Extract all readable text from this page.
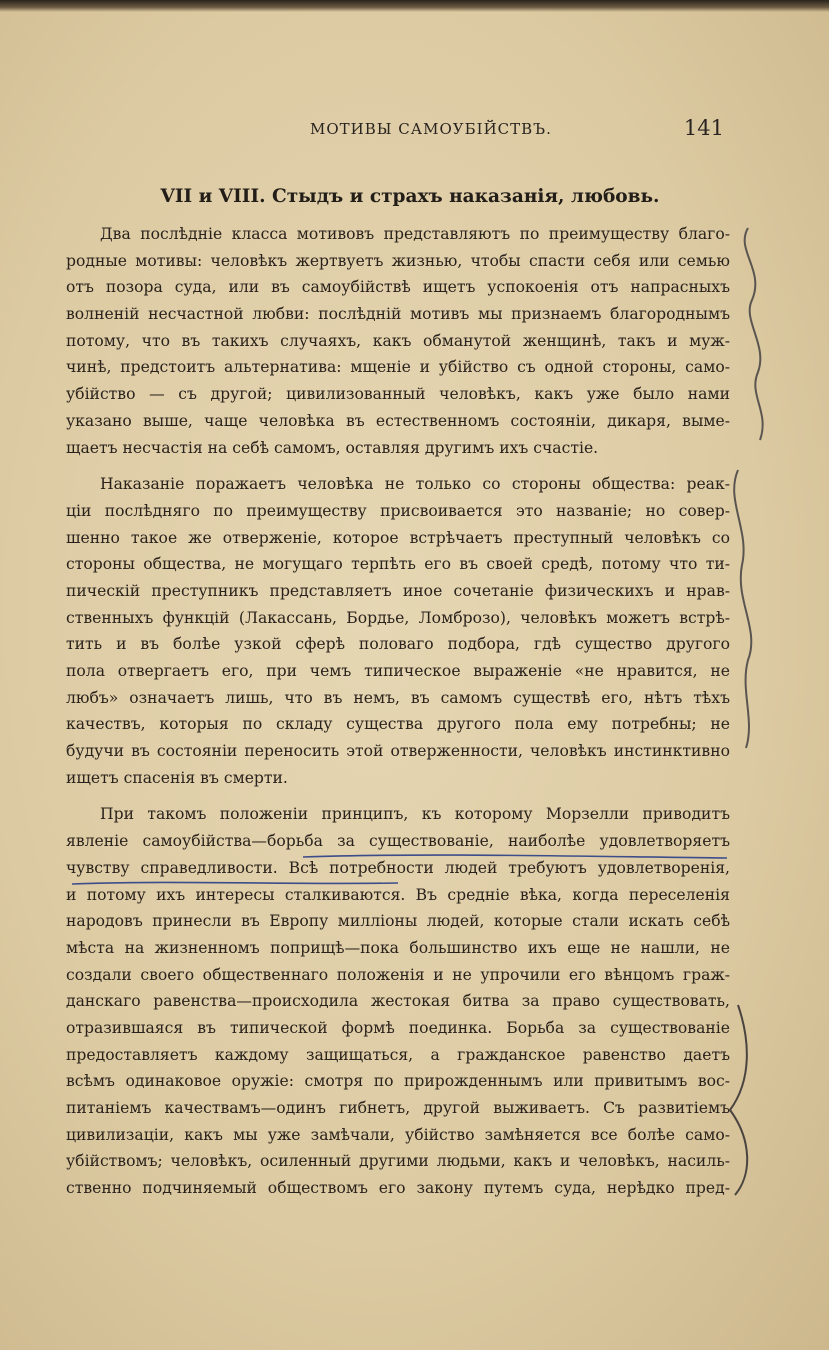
МОТИВЫ САМОУБІЙСТВЪ.	141
VII и VIII. Стыдъ и страхъ наказанія, любовь.
Два послѣдніе класса мотивовъ представляютъ по преимуществу благо-
родные мотивы: человѣкъ жертвуетъ жизнью, чтобы спасти себя или семью
отъ позора суда, или въ самоубійствѣ ищетъ успокоенія отъ напрасныхъ
волненій несчастной любви: послѣдній мотивъ мы признаемъ благороднымъ
потому, что въ такихъ случаяхъ, какъ обманутой женщинѣ, такъ и муж-
чинѣ, предстоитъ альтернатива: мщеніе и убійство съ одной стороны, само-
убійство — съ другой; цивилизованный человѣкъ, какъ уже было нами
указано выше, чаще человѣка въ естественномъ состояніи, дикаря, выме-
щаетъ несчастія на себѣ самомъ, оставляя другимъ ихъ счастіе.
Наказаніе поражаетъ человѣка не только со стороны общества: реак-
ціи послѣдняго по преимуществу присвоивается это названіе; но совер-
шенно такое же отверженіе, которое встрѣчаетъ преступный человѣкъ со
стороны общества, не могущаго терпѣть его въ своей средѣ, потому что ти-
пическій преступникъ представляетъ иное сочетаніе физическихъ и нрав-
ственныхъ функцій (Лакассань, Бордье, Ломброзо), человѣкъ можетъ встрѣ-
тить и въ болѣе узкой сферѣ половаго подбора, гдѣ существо другого
пола отвергаетъ его, при чемъ типическое выраженіе «не нравится, не
любъ» означаетъ лишь, что въ немъ, въ самомъ существѣ его, нѣтъ тѣхъ
качествъ, которыя по складу существа другого пола ему потребны; не
будучи въ состояніи переносить этой отверженности, человѣкъ инстинктивно
ищетъ спасенія въ смерти.
При такомъ положеніи принципъ, къ которому Морзелли приводитъ
явленіе самоубійства—борьба за существованіе, наиболѣе удовлетворяетъ
чувству справедливости. Всѣ потребности людей требуютъ удовлетворенія,
и потому ихъ интересы сталкиваются. Въ средніе вѣка, когда переселенія
народовъ принесли въ Европу милліоны людей, которые стали искать себѣ
мѣста на жизненномъ поприщѣ—пока большинство ихъ еще не нашли, не
создали своего общественнаго положенія и не упрочили его вѣнцомъ граж-
данскаго равенства—происходила жестокая битва за право существовать,
отразившаяся въ типической формѣ поединка. Борьба за существованіе
предоставляетъ каждому защищаться, а гражданское равенство даетъ
всѣмъ одинаковое оружіе: смотря по прирожденнымъ или привитымъ вос-
питаніемъ качествамъ—одинъ гибнетъ, другой выживаетъ. Съ развитіемъ
цивилизаціи, какъ мы уже замѣчали, убійство замѣняется все болѣе само-
убійствомъ; человѣкъ, осиленный другими людьми, какъ и человѣкъ, насиль-
ственно подчиняемый обществомъ его закону путемъ суда, нерѣдко пред-
